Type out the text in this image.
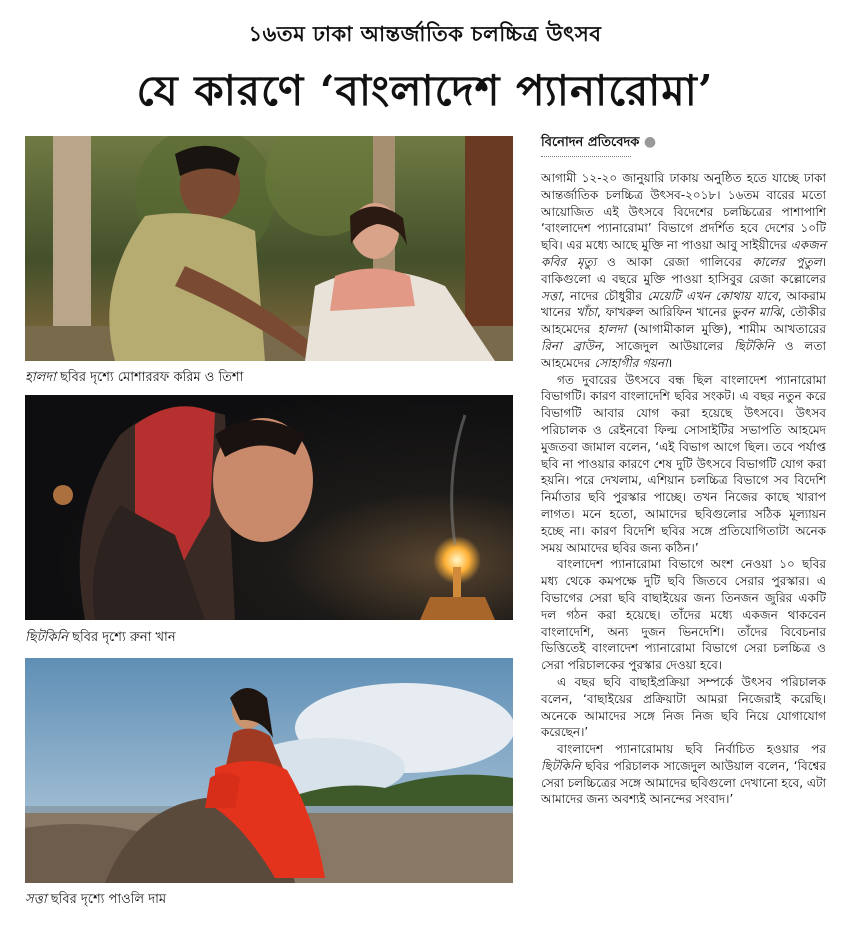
১৬তম ঢাকা আন্তর্জাতিক চলচ্চিত্র উৎসব
যে কারণে ‘বাংলাদেশ প্যানারোমা’
হালদা ছবির দৃশ্যে মোশাররফ করিম ও তিশা
ছিটকিনি ছবির দৃশ্যে রুনা খান
সত্তা ছবির দৃশ্যে পাওলি দাম
বিনোদন প্রতিবেদক ●

আগামী ১২-২০ জানুয়ারি ঢাকায় অনুষ্ঠিত হতে যাচ্ছে ঢাকা আন্তর্জাতিক চলচ্চিত্র উৎসব-২০১৮। ১৬তম বারের মতো আয়োজিত এই উৎসবে বিদেশের চলচ্চিত্রের পাশাপাশি ‘বাংলাদেশ প্যানারোমা’ বিভাগে প্রদর্শিত হবে দেশের ১০টি ছবি। এর মধ্যে আছে মুক্তি না পাওয়া আবু সাইয়ীদের একজন কবির মৃত্যু ও আকা রেজা গালিবের কালের পুতুল। বাকিগুলো এ বছরে মুক্তি পাওয়া হাসিবুর রেজা কল্লোলের সত্তা, নাদের চৌধুরীর মেয়েটি এখন কোথায় যাবে, আকরাম খানের খাঁচা, ফাখরুল আরিফিন খানের ভুবন মাঝি, তৌকীর আহমেদের হালদা (আগামীকাল মুক্তি), শামীম আখতারের রিনা ব্রাউন, সাজেদুল আউয়ালের ছিটকিনি ও লতা আহমেদের সোহাগীর গয়না।

গত দুবারের উৎসবে বন্ধ ছিল বাংলাদেশ প্যানারোমা বিভাগটি। কারণ বাংলাদেশি ছবির সংকট। এ বছর নতুন করে বিভাগটি আবার যোগ করা হয়েছে উৎসবে। উৎসব পরিচালক ও রেইনবো ফিল্ম সোসাইটির সভাপতি আহমেদ মুজতবা জামাল বলেন, ‘এই বিভাগ আগে ছিল। তবে পর্যাপ্ত ছবি না পাওয়ার কারণে শেষ দুটি উৎসবে বিভাগটি যোগ করা হয়নি। পরে দেখলাম, এশিয়ান চলচ্চিত্র বিভাগে সব বিদেশি নির্মাতার ছবি পুরস্কার পাচ্ছে। তখন নিজের কাছে খারাপ লাগত। মনে হতো, আমাদের ছবিগুলোর সঠিক মূল্যায়ন হচ্ছে না। কারণ বিদেশি ছবির সঙ্গে প্রতিযোগিতাটা অনেক সময় আমাদের ছবির জন্য কঠিন।’

বাংলাদেশ প্যানারোমা বিভাগে অংশ নেওয়া ১০ ছবির মধ্য থেকে কমপক্ষে দুটি ছবি জিতবে সেরার পুরস্কার। এ বিভাগের সেরা ছবি বাছাইয়ের জন্য তিনজন জুরির একটি দল গঠন করা হয়েছে। তাঁদের মধ্যে একজন থাকবেন বাংলাদেশি, অন্য দুজন ভিনদেশি। তাঁদের বিবেচনার ভিত্তিতেই বাংলাদেশ প্যানারোমা বিভাগে সেরা চলচ্চিত্র ও সেরা পরিচালকের পুরস্কার দেওয়া হবে।

এ বছর ছবি বাছাইপ্রক্রিয়া সম্পর্কে উৎসব পরিচালক বলেন, ‘বাছাইয়ের প্রক্রিয়াটা আমরা নিজেরাই করেছি। অনেকে আমাদের সঙ্গে নিজ নিজ ছবি নিয়ে যোগাযোগ করেছেন।’

বাংলাদেশ প্যানারোমায় ছবি নির্বাচিত হওয়ার পর ছিটকিনি ছবির পরিচালক সাজেদুল আউয়াল বলেন, ‘বিশ্বের সেরা চলচ্চিত্রের সঙ্গে আমাদের ছবিগুলো দেখানো হবে, এটা আমাদের জন্য অবশ্যই আনন্দের সংবাদ।’
